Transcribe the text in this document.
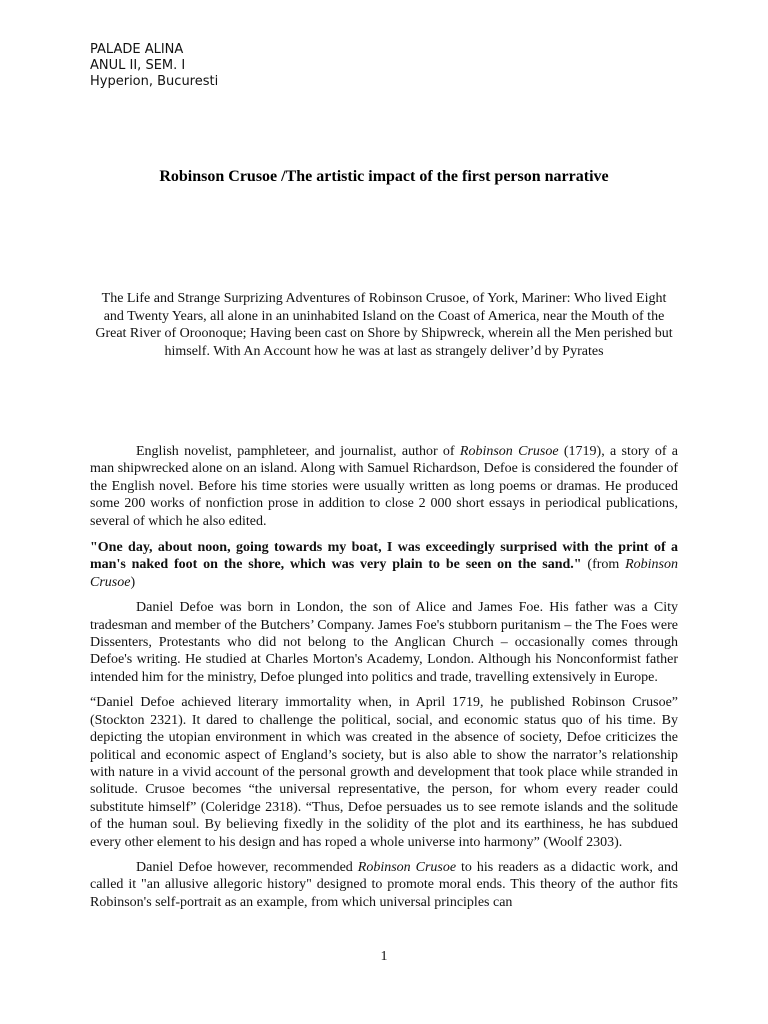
PALADE ALINA
ANUL II, SEM. I
Hyperion, Bucuresti
Robinson Crusoe /The artistic impact of the first person narrative
The Life and Strange Surprizing Adventures of Robinson Crusoe, of York, Mariner: Who lived Eight and Twenty Years, all alone in an uninhabited Island on the Coast of America, near the Mouth of the Great River of Oroonoque; Having been cast on Shore by Shipwreck, wherein all the Men perished but himself. With An Account how he was at last as strangely deliver’d by Pyrates

English novelist, pamphleteer, and journalist, author of Robinson Crusoe (1719), a story of a man shipwrecked alone on an island. Along with Samuel Richardson, Defoe is considered the founder of the English novel. Before his time stories were usually written as long poems or dramas. He produced some 200 works of nonfiction prose in addition to close 2 000 short essays in periodical publications, several of which he also edited.

"One day, about noon, going towards my boat, I was exceedingly surprised with the print of a man's naked foot on the shore, which was very plain to be seen on the sand." (from Robinson Crusoe)

Daniel Defoe was born in London, the son of Alice and James Foe. His father was a City tradesman and member of the Butchers’ Company. James Foe's stubborn puritanism – the The Foes were Dissenters, Protestants who did not belong to the Anglican Church – occasionally comes through Defoe's writing. He studied at Charles Morton's Academy, London. Although his Nonconformist father intended him for the ministry, Defoe plunged into politics and trade, travelling extensively in Europe.

“Daniel Defoe achieved literary immortality when, in April 1719, he published Robinson Crusoe” (Stockton 2321). It dared to challenge the political, social, and economic status quo of his time. By depicting the utopian environment in which was created in the absence of society, Defoe criticizes the political and economic aspect of England’s society, but is also able to show the narrator’s relationship with nature in a vivid account of the personal growth and development that took place while stranded in solitude. Crusoe becomes “the universal representative, the person, for whom every reader could substitute himself” (Coleridge 2318). “Thus, Defoe persuades us to see remote islands and the solitude of the human soul. By believing fixedly in the solidity of the plot and its earthiness, he has subdued every other element to his design and has roped a whole universe into harmony” (Woolf 2303).

Daniel Defoe however, recommended Robinson Crusoe to his readers as a didactic work, and called it "an allusive allegoric history" designed to promote moral ends. This theory of the author fits Robinson's self-portrait as an example, from which universal principles can

1
